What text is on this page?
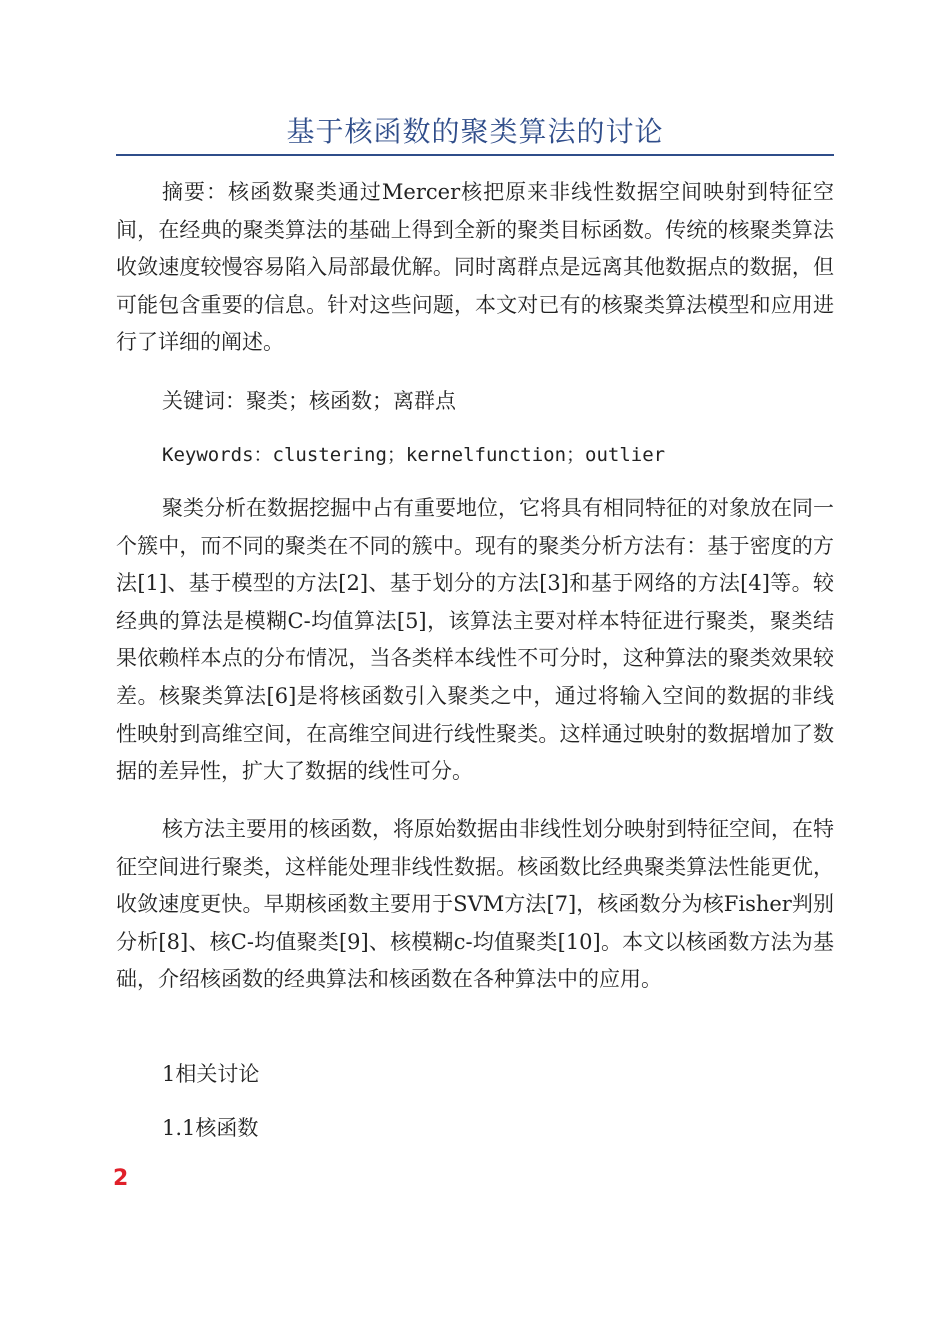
基于核函数的聚类算法的讨论

摘要：核函数聚类通过Mercer核把原来非线性数据空间映射到特征空间，在经典的聚类算法的基础上得到全新的聚类目标函数。传统的核聚类算法收敛速度较慢容易陷入局部最优解。同时离群点是远离其他数据点的数据，但可能包含重要的信息。针对这些问题，本文对已有的核聚类算法模型和应用进行了详细的阐述。

关键词：聚类；核函数；离群点

Keywords：clustering；kernelfunction；outlier

聚类分析在数据挖掘中占有重要地位，它将具有相同特征的对象放在同一个簇中，而不同的聚类在不同的簇中。现有的聚类分析方法有：基于密度的方法[1]、基于模型的方法[2]、基于划分的方法[3]和基于网络的方法[4]等。较经典的算法是模糊C-均值算法[5]，该算法主要对样本特征进行聚类，聚类结果依赖样本点的分布情况，当各类样本线性不可分时，这种算法的聚类效果较差。核聚类算法[6]是将核函数引入聚类之中，通过将输入空间的数据的非线性映射到高维空间，在高维空间进行线性聚类。这样通过映射的数据增加了数据的差异性，扩大了数据的线性可分。

核方法主要用的核函数，将原始数据由非线性划分映射到特征空间，在特征空间进行聚类，这样能处理非线性数据。核函数比经典聚类算法性能更优，收敛速度更快。早期核函数主要用于SVM方法[7]，核函数分为核Fisher判别分析[8]、核C-均值聚类[9]、核模糊c-均值聚类[10]。本文以核函数方法为基础，介绍核函数的经典算法和核函数在各种算法中的应用。

1相关讨论

1.1核函数

2
